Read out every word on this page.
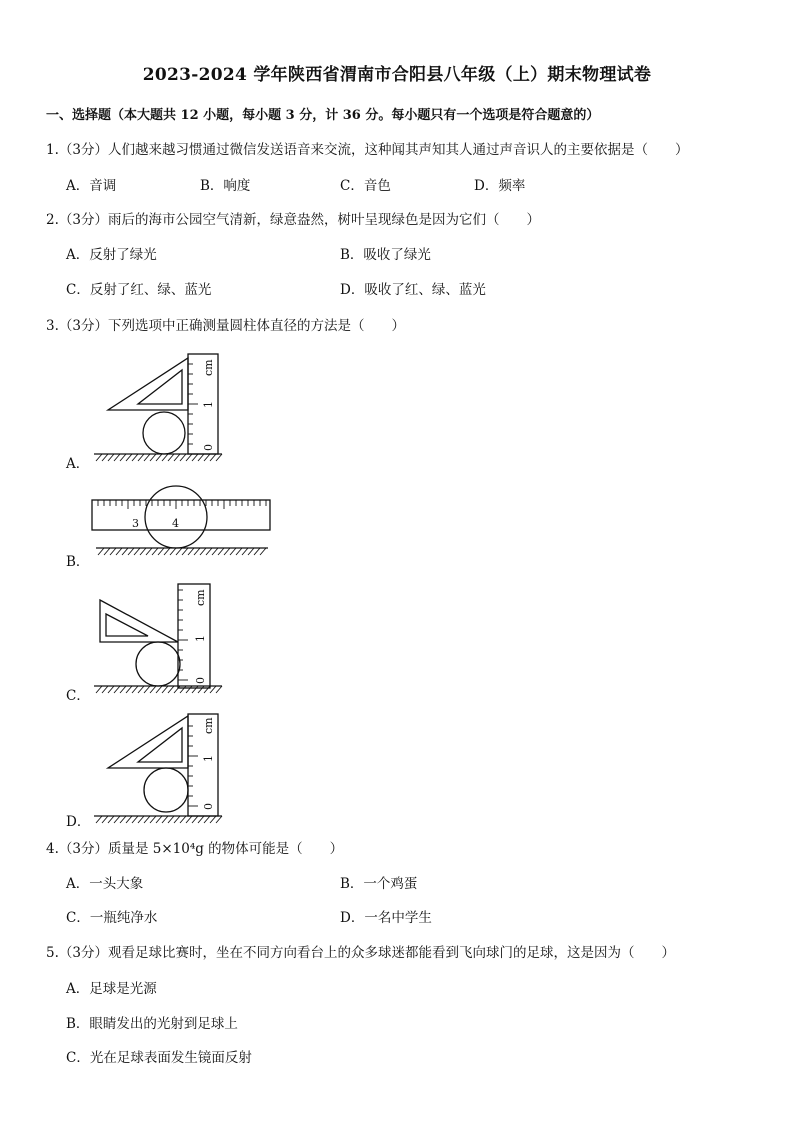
2023-2024 学年陕西省渭南市合阳县八年级（上）期末物理试卷
一、选择题（本大题共 12 小题，每小题 3 分，计 36 分。每小题只有一个选项是符合题意的）
1.（3分）人们越来越习惯通过微信发送语音来交流，这种闻其声知其人通过声音识人的主要依据是（　　）
A．音调	B．响度	C．音色	D．频率
2.（3分）雨后的海市公园空气清新，绿意盎然，树叶呈现绿色是因为它们（　　）
A．反射了绿光	B．吸收了绿光
C．反射了红、绿、蓝光	D．吸收了红、绿、蓝光
3.（3分）下列选项中正确测量圆柱体直径的方法是（　　）
0
1
cm
A．
3	4
B．
0
1
cm
C．
0
1
cm
D．
4.（3分）质量是 5×10⁴g 的物体可能是（　　）
A．一头大象	B．一个鸡蛋
C．一瓶纯净水	D．一名中学生
5.（3分）观看足球比赛时，坐在不同方向看台上的众多球迷都能看到飞向球门的足球，这是因为（　　）
A．足球是光源
B．眼睛发出的光射到足球上
C．光在足球表面发生镜面反射
